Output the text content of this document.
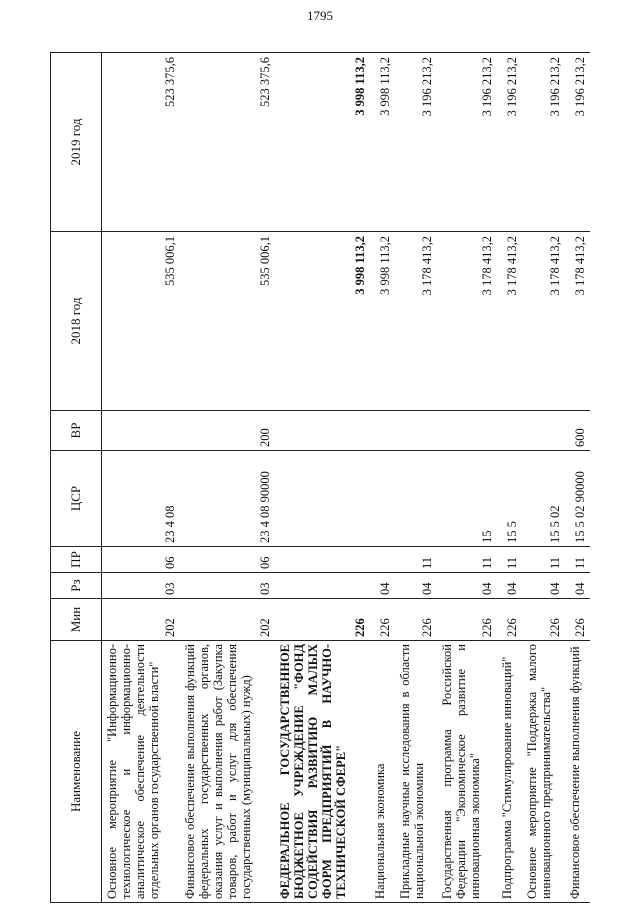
1795
Наименование	Мин	Рз	ПР	ЦСР	ВР	2018 год	2019 год
Основное мероприятие "Информационно-технологическое и информационно-аналитическое обеспечение деятельности отдельных органов государственной власти"	202	03	06	23 4 08		535 006,1	523 375,6
Финансовое обеспечение выполнения функций федеральных государственных органов, оказания услуг и выполнения работ (Закупка товаров, работ и услуг для обеспечения государственных (муниципальных) нужд)	202	03	06	23 4 08 90000	200	535 006,1	523 375,6
ФЕДЕРАЛЬНОЕ ГОСУДАРСТВЕННОЕ БЮДЖЕТНОЕ УЧРЕЖДЕНИЕ "ФОНД СОДЕЙСТВИЯ РАЗВИТИЮ МАЛЫХ ФОРМ ПРЕДПРИЯТИЙ В НАУЧНО-ТЕХНИЧЕСКОЙ СФЕРЕ"	226					3 998 113,2	3 998 113,2
Национальная экономика	226	04				3 998 113,2	3 998 113,2
Прикладные научные исследования в области национальной экономики	226	04	11			3 178 413,2	3 196 213,2
Государственная программа Российской Федерации "Экономическое развитие и инновационная экономика"	226	04	11	15		3 178 413,2	3 196 213,2
Подпрограмма "Стимулирование инноваций"	226	04	11	15 5		3 178 413,2	3 196 213,2
Основное мероприятие "Поддержка малого инновационного предпринимательства"	226	04	11	15 5 02		3 178 413,2	3 196 213,2
Финансовое обеспечение выполнения функций	226	04	11	15 5 02 90000	600	3 178 413,2	3 196 213,2
